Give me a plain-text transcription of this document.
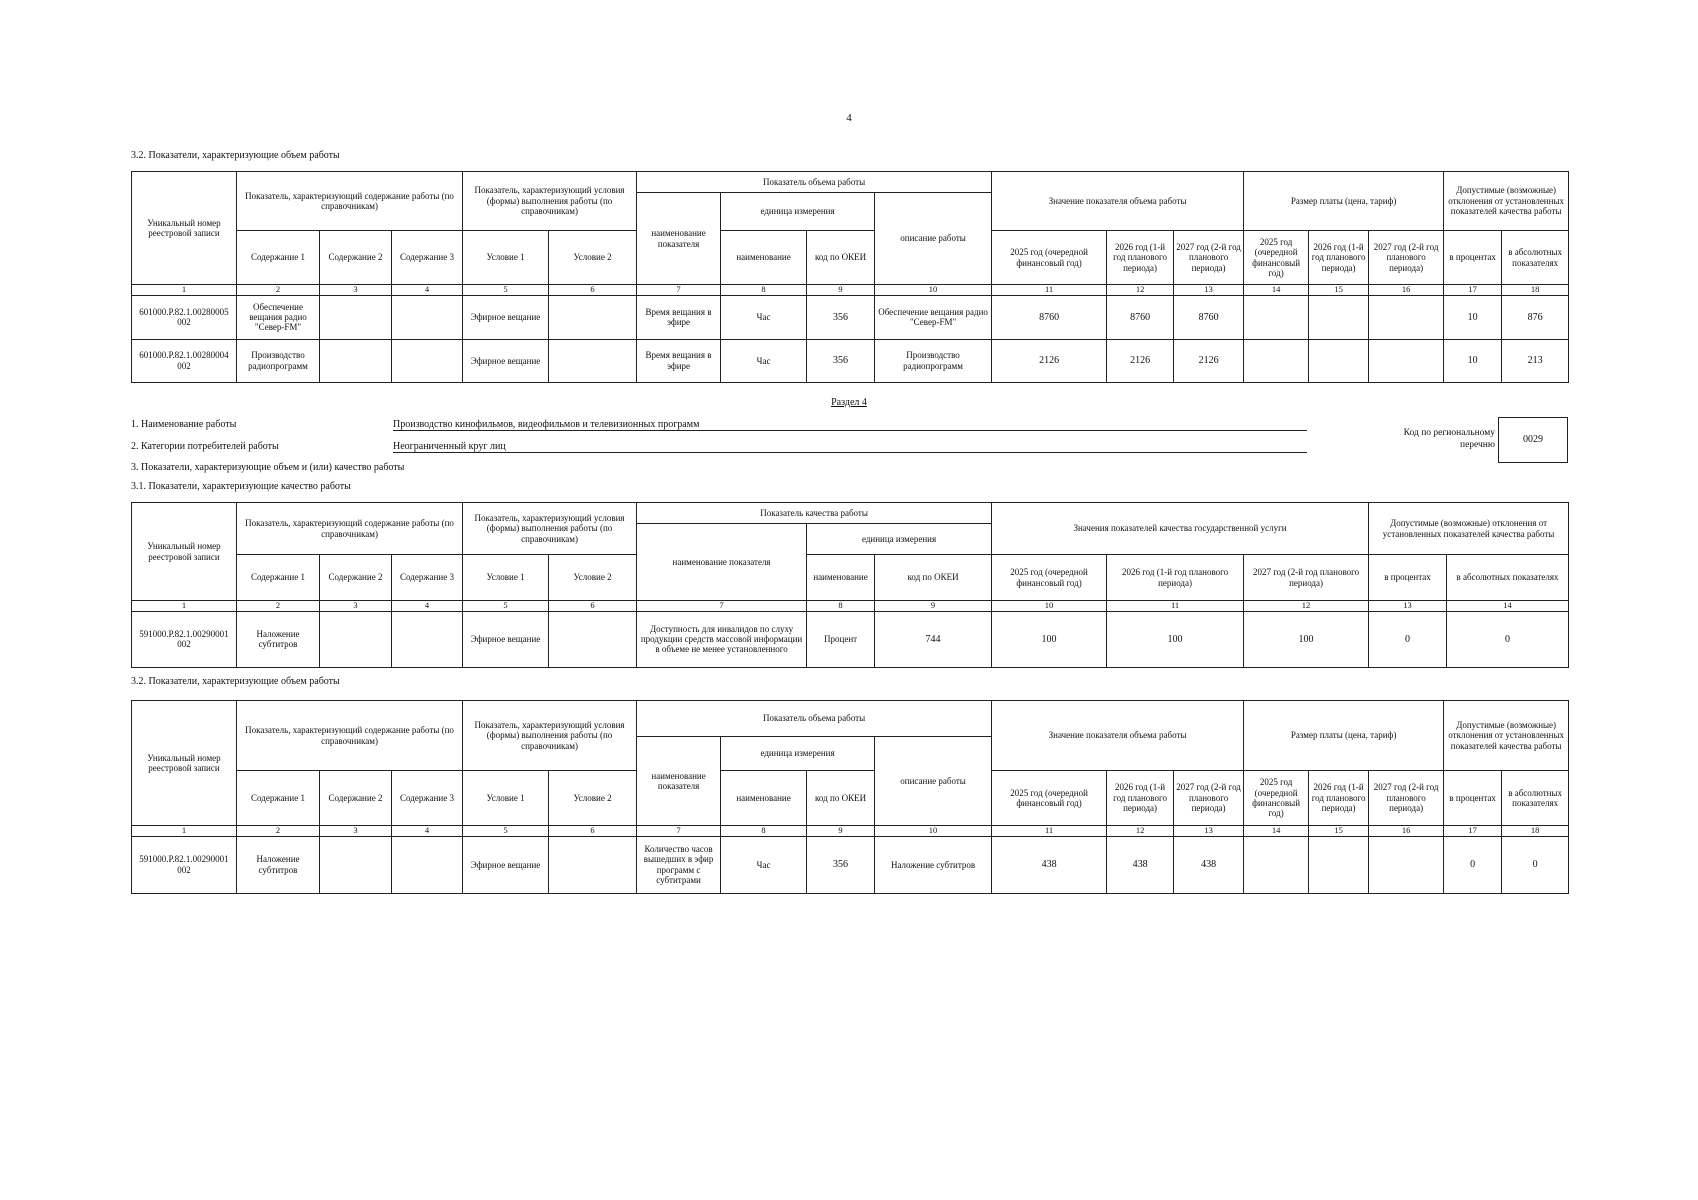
4
3.2. Показатели, характеризующие объем работы
Уникальный номер реестровой записи	Показатель, характеризующий содержание работы (по справочникам)			Показатель, характеризующий условия (формы) выполнения работы (по справочникам)		Показатель объема работы				Значение показателя объема работы			Размер платы (цена, тариф)			Допустимые (возможные) отклонения от установленных показателей качества работы	
						наименование показателя	единица измерения		описание работы								
	Содержание 1	Содержание 2	Содержание 3	Условие 1	Условие 2		наименование	код по ОКЕИ		2025 год (очередной финансовый год)	2026 год (1-й год планового периода)	2027 год (2-й год планового периода)	2025 год (очередной финансовый год)	2026 год (1-й год планового периода)	2027 год (2-й год планового периода)	в процентах	в абсолютных показателях
1	2	3	4	5	6	7	8	9	10	11	12	13	14	15	16	17	18
601000.Р.82.1.00280005 002	Обеспечение вещания радио "Север-FM"			Эфирное вещание		Время вещания в эфире	Час	356	Обеспечение вещания радио "Север-FM"	8760	8760	8760				10	876
601000.Р.82.1.00280004 002	Производство радиопрограмм			Эфирное вещание		Время вещания в эфире	Час	356	Производство радиопрограмм	2126	2126	2126				10	213
Раздел 4
1. Наименование работы	Производство кинофильмов, видеофильмов и телевизионных программ
2. Категории потребителей работы	Неограниченный круг лиц
Код по региональному перечню
0029
3. Показатели, характеризующие объем и (или) качество работы
3.1. Показатели, характеризующие качество работы
Уникальный номер реестровой записи	Показатель, характеризующий содержание работы (по справочникам)			Показатель, характеризующий условия (формы) выполнения работы (по справочникам)		Показатель качества работы			Значения показателей качества государственной услуги			Допустимые (возможные) отклонения от установленных показателей качества работы	
						наименование показателя	единица измерения						
	Содержание 1	Содержание 2	Содержание 3	Условие 1	Условие 2		наименование	код по ОКЕИ	2025 год (очередной финансовый год)	2026 год (1-й год планового периода)	2027 год (2-й год планового периода)	в процентах	в абсолютных показателях
1	2	3	4	5	6	7	8	9	10	11	12	13	14
591000.Р.82.1.00290001 002	Наложение субтитров			Эфирное вещание		Доступность для инвалидов по слуху продукции средств массовой информации в объеме не менее установленного	Процент	744	100	100	100	0	0
3.2. Показатели, характеризующие объем работы
Уникальный номер реестровой записи	Показатель, характеризующий содержание работы (по справочникам)			Показатель, характеризующий условия (формы) выполнения работы (по справочникам)		Показатель объема работы				Значение показателя объема работы			Размер платы (цена, тариф)			Допустимые (возможные) отклонения от установленных показателей качества работы	
						наименование показателя	единица измерения		описание работы								
	Содержание 1	Содержание 2	Содержание 3	Условие 1	Условие 2		наименование	код по ОКЕИ		2025 год (очередной финансовый год)	2026 год (1-й год планового периода)	2027 год (2-й год планового периода)	2025 год (очередной финансовый год)	2026 год (1-й год планового периода)	2027 год (2-й год планового периода)	в процентах	в абсолютных показателях
1	2	3	4	5	6	7	8	9	10	11	12	13	14	15	16	17	18
591000.Р.82.1.00290001 002	Наложение субтитров			Эфирное вещание		Количество часов вышедших в эфир программ с субтитрами	Час	356	Наложение субтитров	438	438	438				0	0
